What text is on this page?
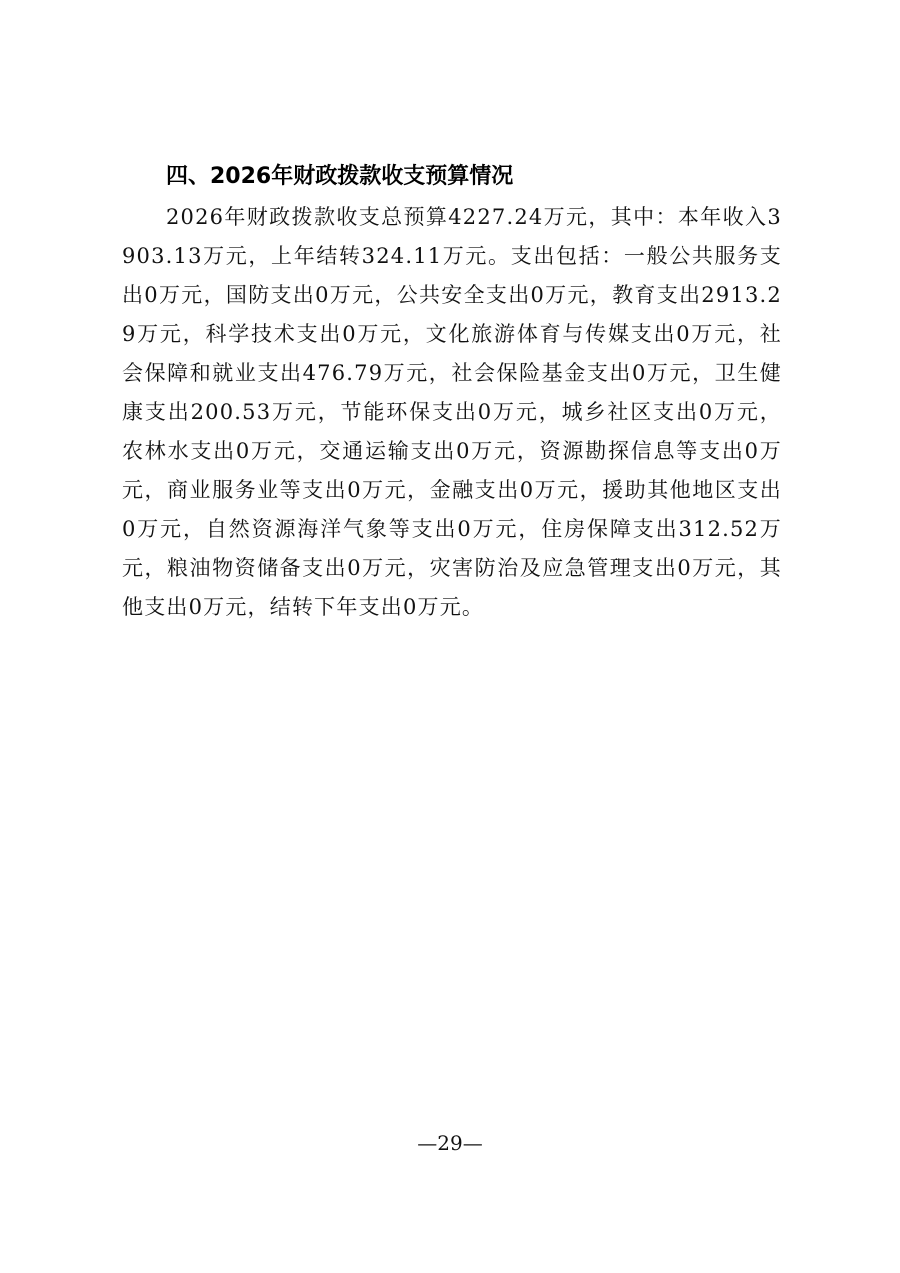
四、2026年财政拨款收支预算情况

2026年财政拨款收支总预算4227.24万元，其中：本年收入3903.13万元，上年结转324.11万元。支出包括：一般公共服务支出0万元，国防支出0万元，公共安全支出0万元，教育支出2913.29万元，科学技术支出0万元，文化旅游体育与传媒支出0万元，社会保障和就业支出476.79万元，社会保险基金支出0万元，卫生健康支出200.53万元，节能环保支出0万元，城乡社区支出0万元，农林水支出0万元，交通运输支出0万元，资源勘探信息等支出0万元，商业服务业等支出0万元，金融支出0万元，援助其他地区支出0万元，自然资源海洋气象等支出0万元，住房保障支出312.52万元，粮油物资储备支出0万元，灾害防治及应急管理支出0万元，其他支出0万元，结转下年支出0万元。

—29—
